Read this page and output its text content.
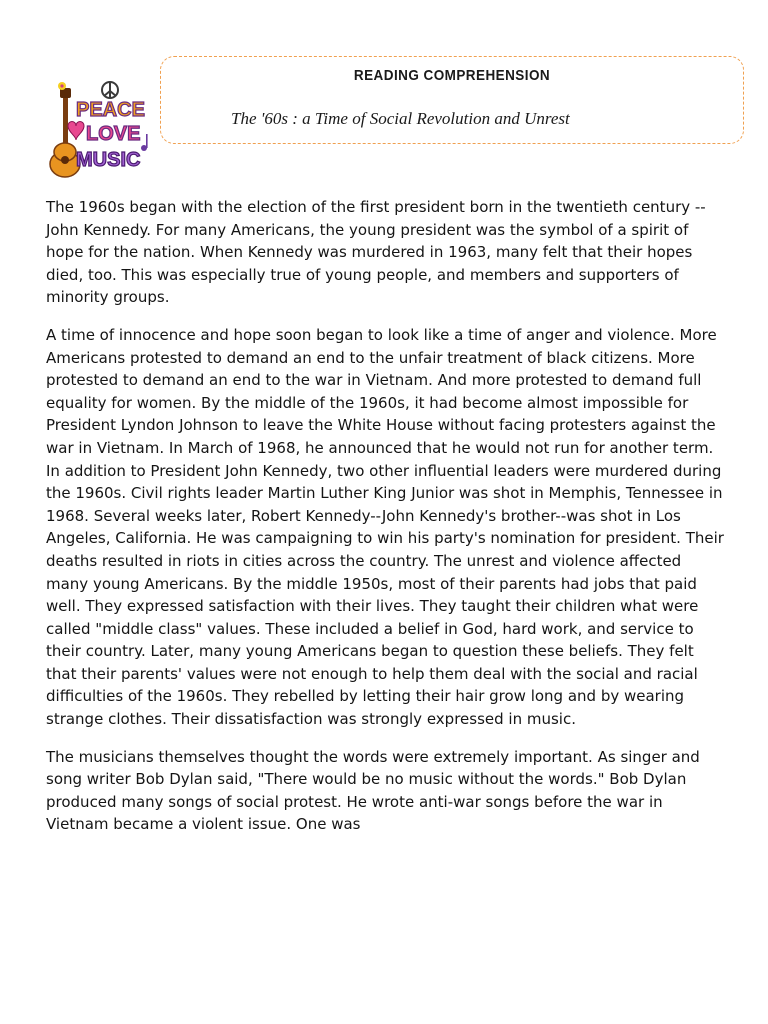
READING COMPREHENSION
The '60s : a Time of Social Revolution and Unrest
PEACE
LOVE
MUSIC

The 1960s began with the election of the first president born in the twentieth century -- John Kennedy. For many Americans, the young president was the symbol of a spirit of hope for the nation. When Kennedy was murdered in 1963, many felt that their hopes died, too. This was especially true of young people, and members and supporters of minority groups.

A time of innocence and hope soon began to look like a time of anger and violence. More Americans protested to demand an end to the unfair treatment of black citizens. More protested to demand an end to the war in Vietnam. And more protested to demand full equality for women. By the middle of the 1960s, it had become almost impossible for President Lyndon Johnson to leave the White House without facing protesters against the war in Vietnam. In March of 1968, he announced that he would not run for another term. In addition to President John Kennedy, two other influential leaders were murdered during the 1960s. Civil rights leader Martin Luther King Junior was shot in Memphis, Tennessee in 1968. Several weeks later, Robert Kennedy--John Kennedy's brother--was shot in Los Angeles, California. He was campaigning to win his party's nomination for president. Their deaths resulted in riots in cities across the country. The unrest and violence affected many young Americans. By the middle 1950s, most of their parents had jobs that paid well. They expressed satisfaction with their lives. They taught their children what were called "middle class" values. These included a belief in God, hard work, and service to their country. Later, many young Americans began to question these beliefs. They felt that their parents' values were not enough to help them deal with the social and racial difficulties of the 1960s. They rebelled by letting their hair grow long and by wearing strange clothes. Their dissatisfaction was strongly expressed in music.

The musicians themselves thought the words were extremely important. As singer and song writer Bob Dylan said, "There would be no music without the words." Bob Dylan produced many songs of social protest. He wrote anti-war songs before the war in Vietnam became a violent issue. One was
